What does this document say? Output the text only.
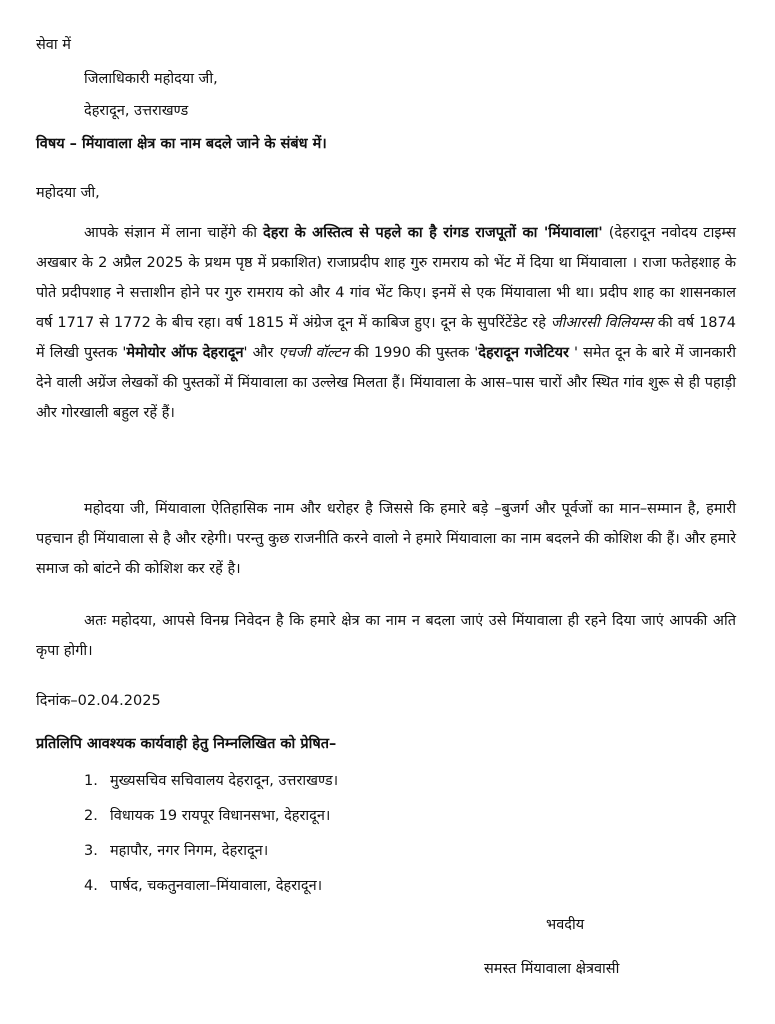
सेवा में
जिलाधिकारी महोदया जी,
देहरादून, उत्तराखण्ड
विषय – मिंयावाला क्षेत्र का नाम बदले जाने के संबंध में।
महोदया जी,
आपके संज्ञान में लाना चाहेंगे की देहरा के अस्तित्व से पहले का है रांगड राजपूतों का 'मिंयावाला' (देहरादून नवोदय टाइम्स अखबार के 2 अप्रैल 2025 के प्रथम पृष्ठ में प्रकाशित) राजाप्रदीप शाह गुरु रामराय को भेंट में दिया था मिंयावाला । राजा फतेहशाह के पोते प्रदीपशाह ने सत्ताशीन होने पर गुरु रामराय को और 4 गांव भेंट किए। इनमें से एक मिंयावाला भी था। प्रदीप शाह का शासनकाल वर्ष 1717 से 1772 के बीच रहा। वर्ष 1815 में अंग्रेज दून में काबिज हुए। दून के सुपरिंटेंडेट रहे जीआरसी विलियम्स की वर्ष 1874 में लिखी पुस्तक 'मेमोयोर ऑफ देहरादून' और एचजी वॉल्टन की 1990 की पुस्तक 'देहरादून गजेटियर ' समेत दून के बारे में जानकारी देने वाली अग्रेंज लेखकों की पुस्तकों में मिंयावाला का उल्लेख मिलता हैं। मिंयावाला के आस–पास चारों और स्थित गांव शुरू से ही पहाड़ी और गोरखाली बहुल रहें हैं।
महोदया जी, मिंयावाला ऐतिहासिक नाम और धरोहर है जिससे कि हमारे बड़े –बुजर्ग और पूर्वजों का मान–सम्मान है, हमारी पहचान ही मिंयावाला से है और रहेगी। परन्तु कुछ राजनीति करने वालो ने हमारे मिंयावाला का नाम बदलने की कोशिश की हैं। और हमारे समाज को बांटने की कोशिश कर रहें है।
अतः महोदया, आपसे विनम्र निवेदन है कि हमारे क्षेत्र का नाम न बदला जाएं उसे मिंयावाला ही रहने दिया जाएं आपकी अति कृपा होगी।
दिनांक–02.04.2025
प्रतिलिपि आवश्यक कार्यवाही हेतु निम्नलिखित को प्रेषित–
1. मुख्यसचिव सचिवालय देहरादून, उत्तराखण्ड।
2. विधायक 19 रायपूर विधानसभा, देहरादून।
3. महापौर, नगर निगम, देहरादून।
4. पार्षद, चकतुनवाला–मिंयावाला, देहरादून।
भवदीय
समस्त मिंयावाला क्षेत्रवासी
